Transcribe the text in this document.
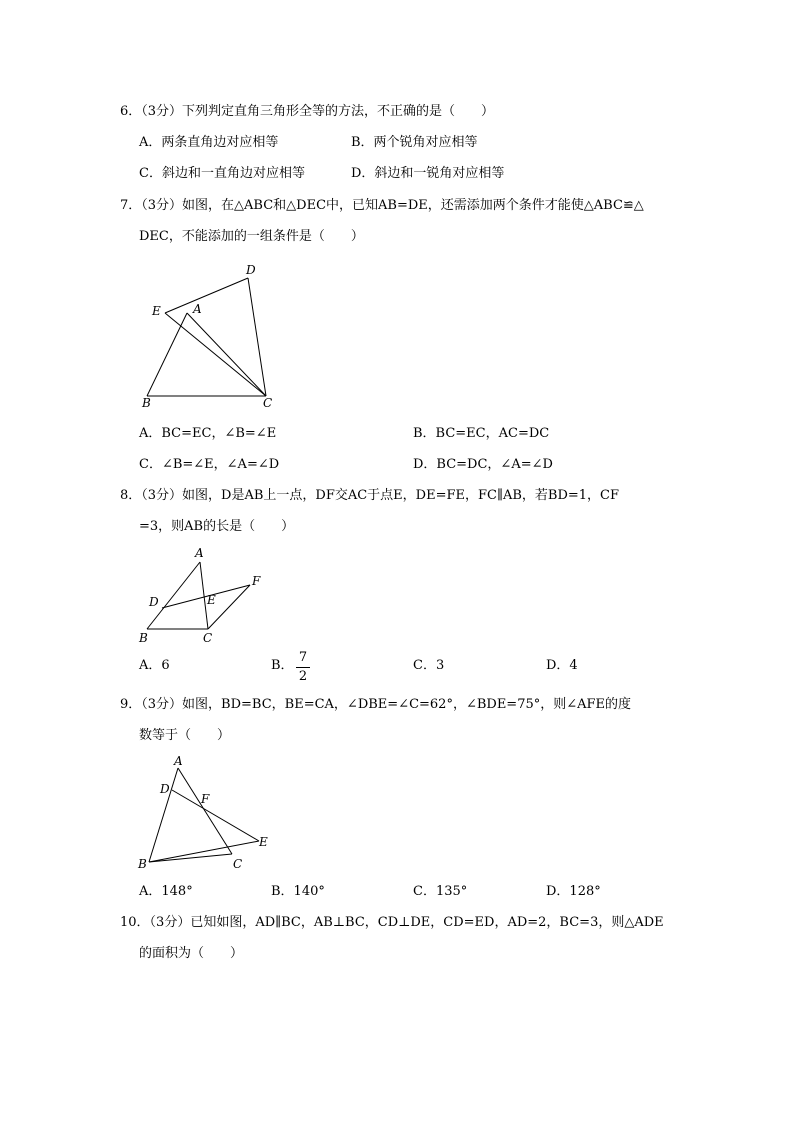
6．（3分）下列判定直角三角形全等的方法，不正确的是（　　）
A．两条直角边对应相等	B．两个锐角对应相等
C．斜边和一直角边对应相等	D．斜边和一锐角对应相等
7．（3分）如图，在△ABC和△DEC中，已知AB=DE，还需添加两个条件才能使△ABC≌△
DEC，不能添加的一组条件是（　　）
D
E	A
B	C
A．BC=EC，∠B=∠E	B．BC=EC，AC=DC
C．∠B=∠E，∠A=∠D	D．BC=DC，∠A=∠D
8．（3分）如图，D是AB上一点，DF交AC于点E，DE=FE，FC∥AB，若BD=1，CF
=3，则AB的长是（　　）
A
D	E
F
B	C
A．6	B．
7
2
C．3	D．4
9．（3分）如图，BD=BC，BE=CA，∠DBE=∠C=62°，∠BDE=75°，则∠AFE的度
数等于（　　）
A
D
F
E
B	C
A．148°	B．140°	C．135°	D．128°
10．（3分）已知如图，AD∥BC，AB⊥BC，CD⊥DE，CD=ED，AD=2，BC=3，则△ADE
的面积为（　　）
